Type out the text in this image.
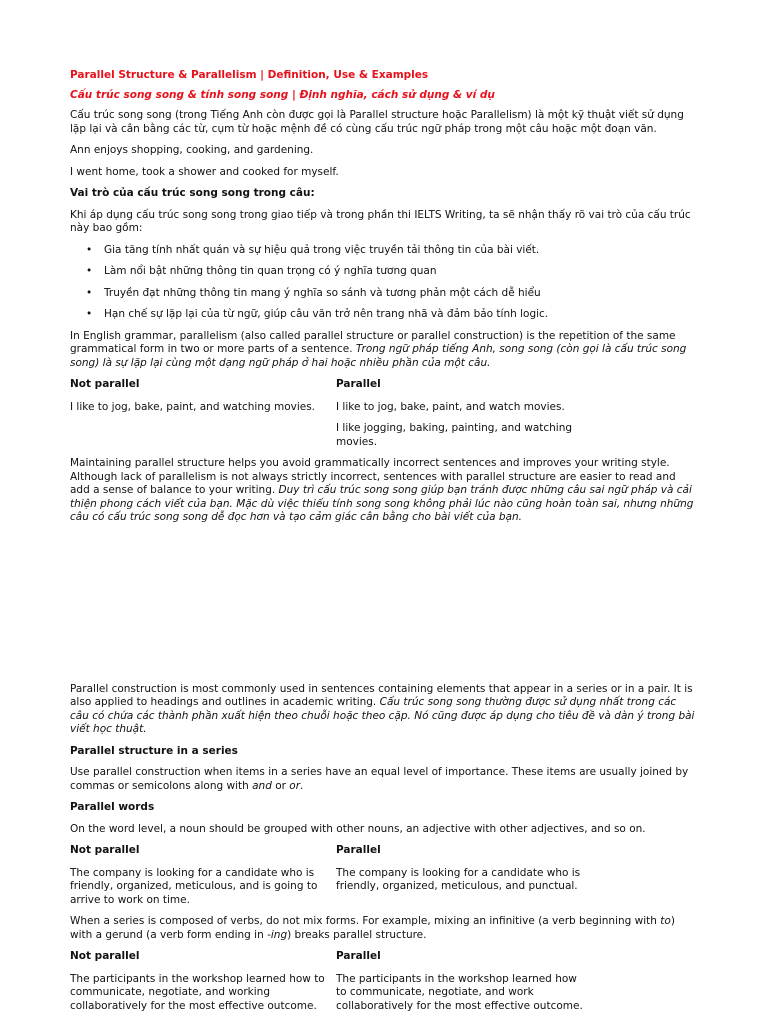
Parallel Structure & Parallelism | Definition, Use & Examples

Cấu trúc song song & tính song song | Định nghĩa, cách sử dụng & ví dụ

Cấu trúc song song (trong Tiếng Anh còn được gọi là Parallel structure hoặc Parallelism) là một kỹ thuật viết sử dụng lặp lại và cân bằng các từ, cụm từ hoặc mệnh đề có cùng cấu trúc ngữ pháp trong một câu hoặc một đoạn văn.

Ann enjoys shopping, cooking, and gardening.

I went home, took a shower and cooked for myself.

Vai trò của cấu trúc song song trong câu:

Khi áp dụng cấu trúc song song trong giao tiếp và trong phần thi IELTS Writing, ta sẽ nhận thấy rõ vai trò của cấu trúc này bao gồm:

• Gia tăng tính nhất quán và sự hiệu quả trong việc truyền tải thông tin của bài viết.
• Làm nổi bật những thông tin quan trọng có ý nghĩa tương quan
• Truyền đạt những thông tin mang ý nghĩa so sánh và tương phản một cách dễ hiểu
• Hạn chế sự lặp lại của từ ngữ, giúp câu văn trở nên trang nhã và đảm bảo tính logic.

In English grammar, parallelism (also called parallel structure or parallel construction) is the repetition of the same grammatical form in two or more parts of a sentence. Trong ngữ pháp tiếng Anh, song song (còn gọi là cấu trúc song song) là sự lặp lại cùng một dạng ngữ pháp ở hai hoặc nhiều phần của một câu.

Not parallel

I like to jog, bake, paint, and watching movies.

Parallel

I like to jog, bake, paint, and watch movies.

I like jogging, baking, painting, and watching movies.

Maintaining parallel structure helps you avoid grammatically incorrect sentences and improves your writing style. Although lack of parallelism is not always strictly incorrect, sentences with parallel structure are easier to read and add a sense of balance to your writing. Duy trì cấu trúc song song giúp bạn tránh được những câu sai ngữ pháp và cải thiện phong cách viết của bạn. Mặc dù việc thiếu tính song song không phải lúc nào cũng hoàn toàn sai, nhưng những câu có cấu trúc song song dễ đọc hơn và tạo cảm giác cân bằng cho bài viết của bạn.

Parallel construction is most commonly used in sentences containing elements that appear in a series or in a pair. It is also applied to headings and outlines in academic writing. Cấu trúc song song thường được sử dụng nhất trong các câu có chứa các thành phần xuất hiện theo chuỗi hoặc theo cặp. Nó cũng được áp dụng cho tiêu đề và dàn ý trong bài viết học thuật.

Parallel structure in a series

Use parallel construction when items in a series have an equal level of importance. These items are usually joined by commas or semicolons along with and or or.

Parallel words

On the word level, a noun should be grouped with other nouns, an adjective with other adjectives, and so on.

Not parallel

The company is looking for a candidate who is friendly, organized, meticulous, and is going to arrive to work on time.

Parallel

The company is looking for a candidate who is friendly, organized, meticulous, and punctual.

When a series is composed of verbs, do not mix forms. For example, mixing an infinitive (a verb beginning with to) with a gerund (a verb form ending in -ing) breaks parallel structure.

Not parallel

The participants in the workshop learned how to communicate, negotiate, and working collaboratively for the most effective outcome.

Parallel

The participants in the workshop learned how to communicate, negotiate, and work collaboratively for the most effective outcome.
